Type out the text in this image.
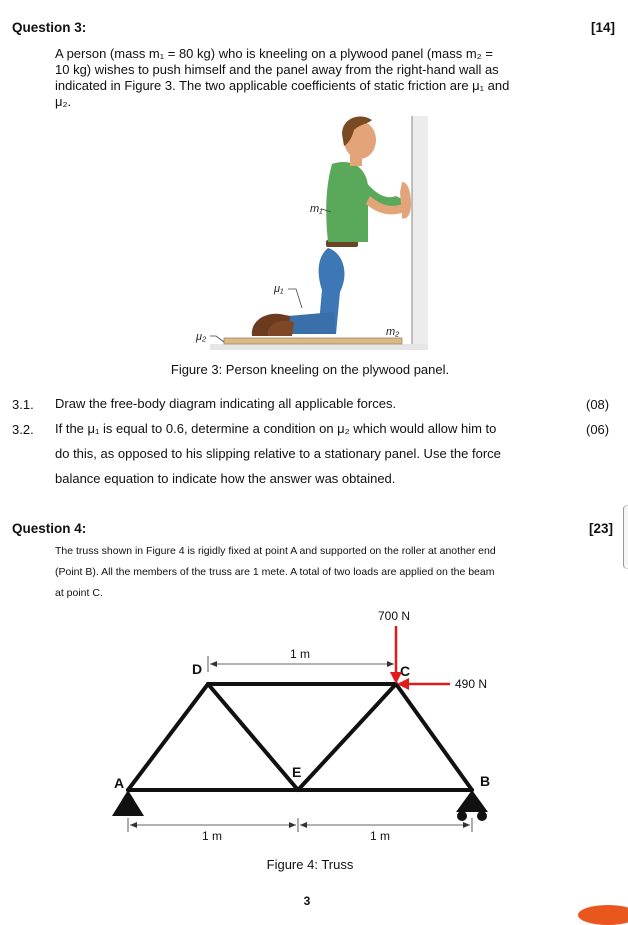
Question 3:	[14]
A person (mass m₁ = 80 kg) who is kneeling on a plywood panel (mass m₂ =
10 kg) wishes to push himself and the panel away from the right-hand wall as
indicated in Figure 3. The two applicable coefficients of static friction are μ₁ and
μ₂.
m₁
μ₁
μ₂	m₂
Figure 3: Person kneeling on the plywood panel.
3.1. Draw the free-body diagram indicating all applicable forces.	(08)
3.2. If the μ₁ is equal to 0.6, determine a condition on μ₂ which would allow him to
do this, as opposed to his slipping relative to a stationary panel. Use the force
balance equation to indicate how the answer was obtained.
(06)
Question 4:	[23]
The truss shown in Figure 4 is rigidly fixed at point A and supported on the roller at another end
(Point B). All the members of the truss are 1 mete. A total of two loads are applied on the beam
at point C.
A
D	C
E
B
1 m
1 m	1 m
700 N
490 N
Figure 4: Truss
3
